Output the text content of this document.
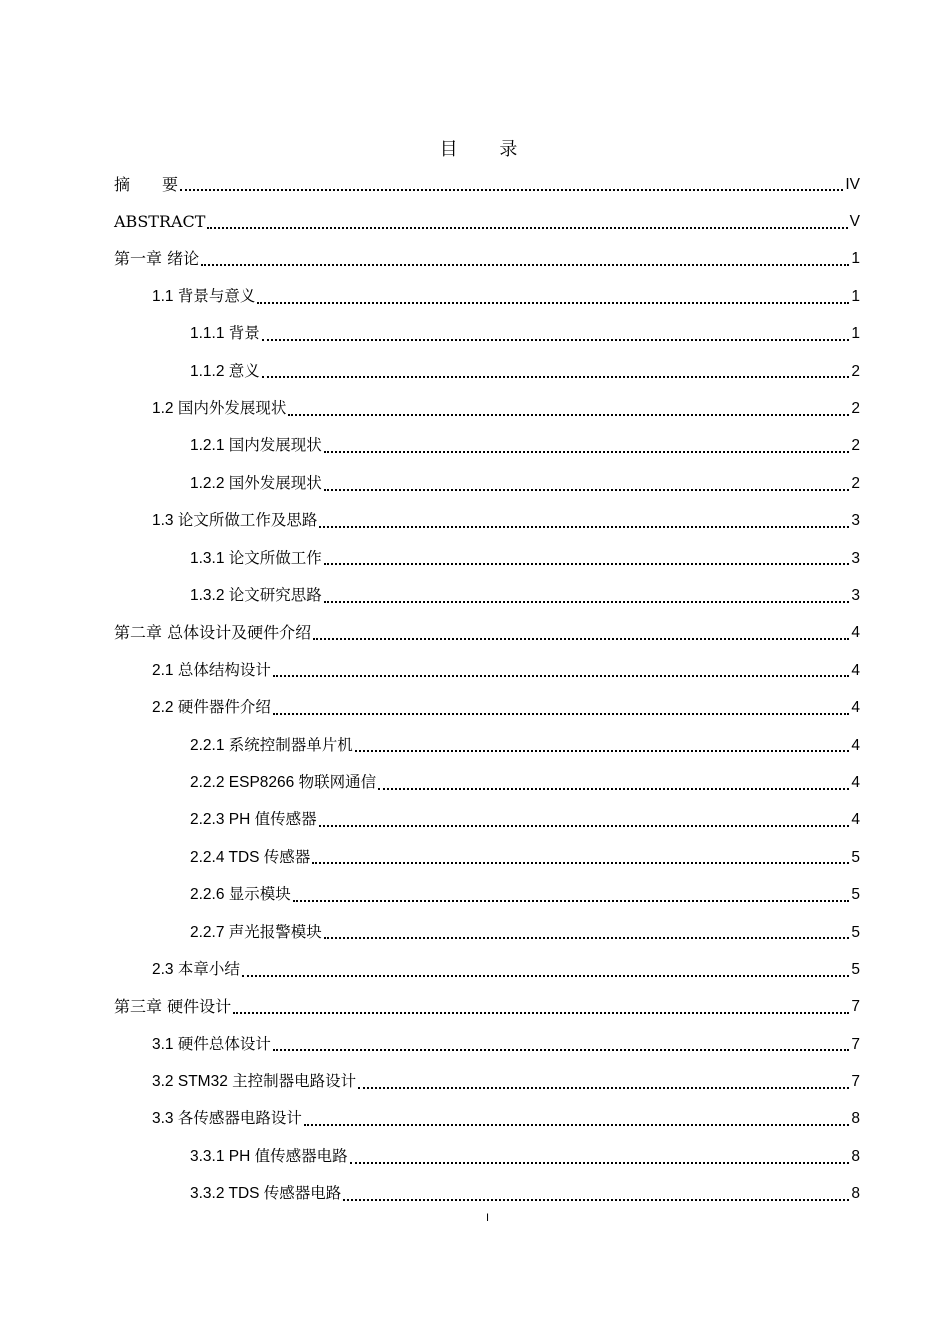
目 录
摘　　要	IV
ABSTRACT	V
第一章 绪论	1
1.1 背景与意义	1
1.1.1 背景	1
1.1.2 意义	2
1.2 国内外发展现状	2
1.2.1 国内发展现状	2
1.2.2 国外发展现状	2
1.3 论文所做工作及思路	3
1.3.1 论文所做工作	3
1.3.2 论文研究思路	3
第二章 总体设计及硬件介绍	4
2.1 总体结构设计	4
2.2 硬件器件介绍	4
2.2.1 系统控制器单片机	4
2.2.2 ESP8266 物联网通信	4
2.2.3 PH 值传感器	4
2.2.4 TDS 传感器	5
2.2.6 显示模块	5
2.2.7 声光报警模块	5
2.3 本章小结	5
第三章 硬件设计	7
3.1 硬件总体设计	7
3.2 STM32 主控制器电路设计	7
3.3 各传感器电路设计	8
3.3.1 PH 值传感器电路	8
3.3.2 TDS 传感器电路	8
I
